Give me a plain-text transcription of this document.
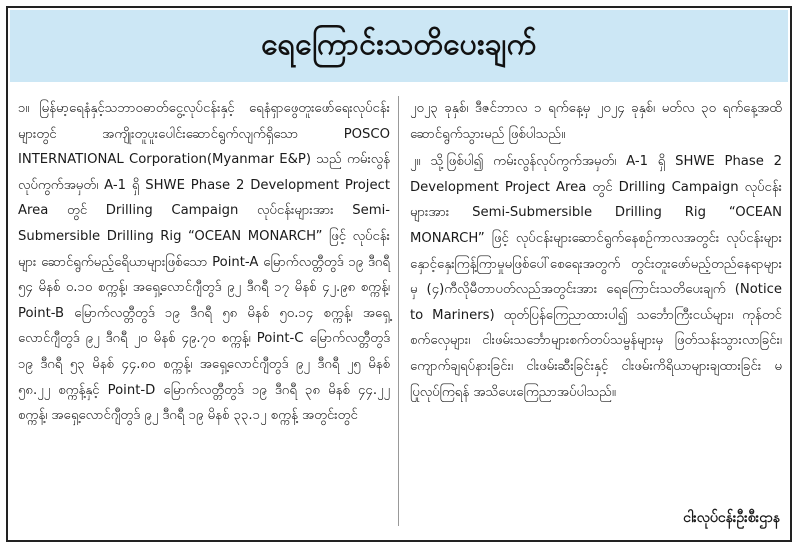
ရေကြောင်းသတိပေးချက်

၁။ မြန်မာ့ရေနံနှင့်သဘာဝဓာတ်ငွေ့လုပ်ငန်းနှင့် ရေနံရှာဖွေတူးဖော်ရေးလုပ်ငန်းများတွင် အကျိုးတူပူးပေါင်းဆောင်ရွက်လျက်ရှိသော POSCO INTERNATIONAL Corporation(Myanmar E&P) သည် ကမ်းလွန်လုပ်ကွက်အမှတ်၊ A-1 ရှိ SHWE Phase 2 Development Project Area တွင် Drilling Campaign လုပ်ငန်းများအား Semi-Submersible Drilling Rig “OCEAN MONARCH” ဖြင့် လုပ်ငန်းများ ဆောင်ရွက်မည့်ရေိယာများဖြစ်သော Point-A မြောက်လတ္တီတွဒ် ၁၉ ဒီဂရီ ၅၄ မိနစ် ၀.၁၀ စက္ကန့်၊ အရှေ့လောင်ဂျီတွဒ် ၉၂ ဒီဂရီ ၁၇ မိနစ် ၄၂.၉၈ စက္ကန့်၊ Point-B မြောက်လတ္တီတွဒ် ၁၉ ဒီဂရီ ၅၈ မိနစ် ၅၀.၁၄ စက္ကန့်၊ အရှေ့လောင်ဂျီတွဒ် ၉၂ ဒီဂရီ ၂၀ မိနစ် ၄၉.၇၀ စက္ကန့်၊ Point-C မြောက်လတ္တီတွဒ် ၁၉ ဒီဂရီ ၅၃ မိနစ် ၄၄.၈၀ စက္ကန့်၊ အရှေ့လောင်ဂျီတွဒ် ၉၂ ဒီဂရီ ၂၅ မိနစ် ၅၈.၂၂ စက္ကန့်နှင့် Point-D မြောက်လတ္တီတွဒ် ၁၉ ဒီဂရီ ၃၈ မိနစ် ၄၄.၂၂ စက္ကန့်၊ အရှေ့လောင်ဂျီတွဒ် ၉၂ ဒီဂရီ ၁၉ မိနစ် ၃၃.၁၂ စက္ကန့် အတွင်းတွင်

၂၀၂၃ ခုနှစ်၊ ဒီဇင်ဘာလ ၁ ရက်နေ့မှ ၂၀၂၄ ခုနှစ်၊ မတ်လ ၃၀ ရက်နေ့အထိ ဆောင်ရွက်သွားမည် ဖြစ်ပါသည်။

၂။ သို့ဖြစ်ပါ၍ ကမ်းလွန်လုပ်ကွက်အမှတ်၊ A-1 ရှိ SHWE Phase 2 Development Project Area တွင် Drilling Campaign လုပ်ငန်းများအား Semi-Submersible Drilling Rig “OCEAN MONARCH” ဖြင့် လုပ်ငန်းများဆောင်ရွက်နေစဉ်ကာလအတွင်း လုပ်ငန်းများနှောင့်နှေးကြန့်ကြာမှုမဖြစ်ပေါ်စေရေးအတွက် တွင်းတူးဖော်မည့်တည်နေရာများမှ (၄)ကီလိုမီတာပတ်လည်အတွင်းအား ရေကြောင်းသတိပေးချက် (Notice to Mariners) ထုတ်ပြန်ကြေညာထားပါ၍ သင်္ဘောကြီးငယ်များ၊ ကုန်တင်စက်လှေများ၊ ငါးဖမ်းသင်္ဘောများစက်တပ်သမ္ဗန်များမှ ဖြတ်သန်းသွားလာခြင်း၊ ကျောက်ချရပ်နားခြင်း၊ ငါးဖမ်းဆီးခြင်းနှင့် ငါးဖမ်းကိရိယာများချထားခြင်း မပြုလုပ်ကြရန် အသိပေးကြေညာအပ်ပါသည်။

ငါးလုပ်ငန်းဦးစီးဌာန
